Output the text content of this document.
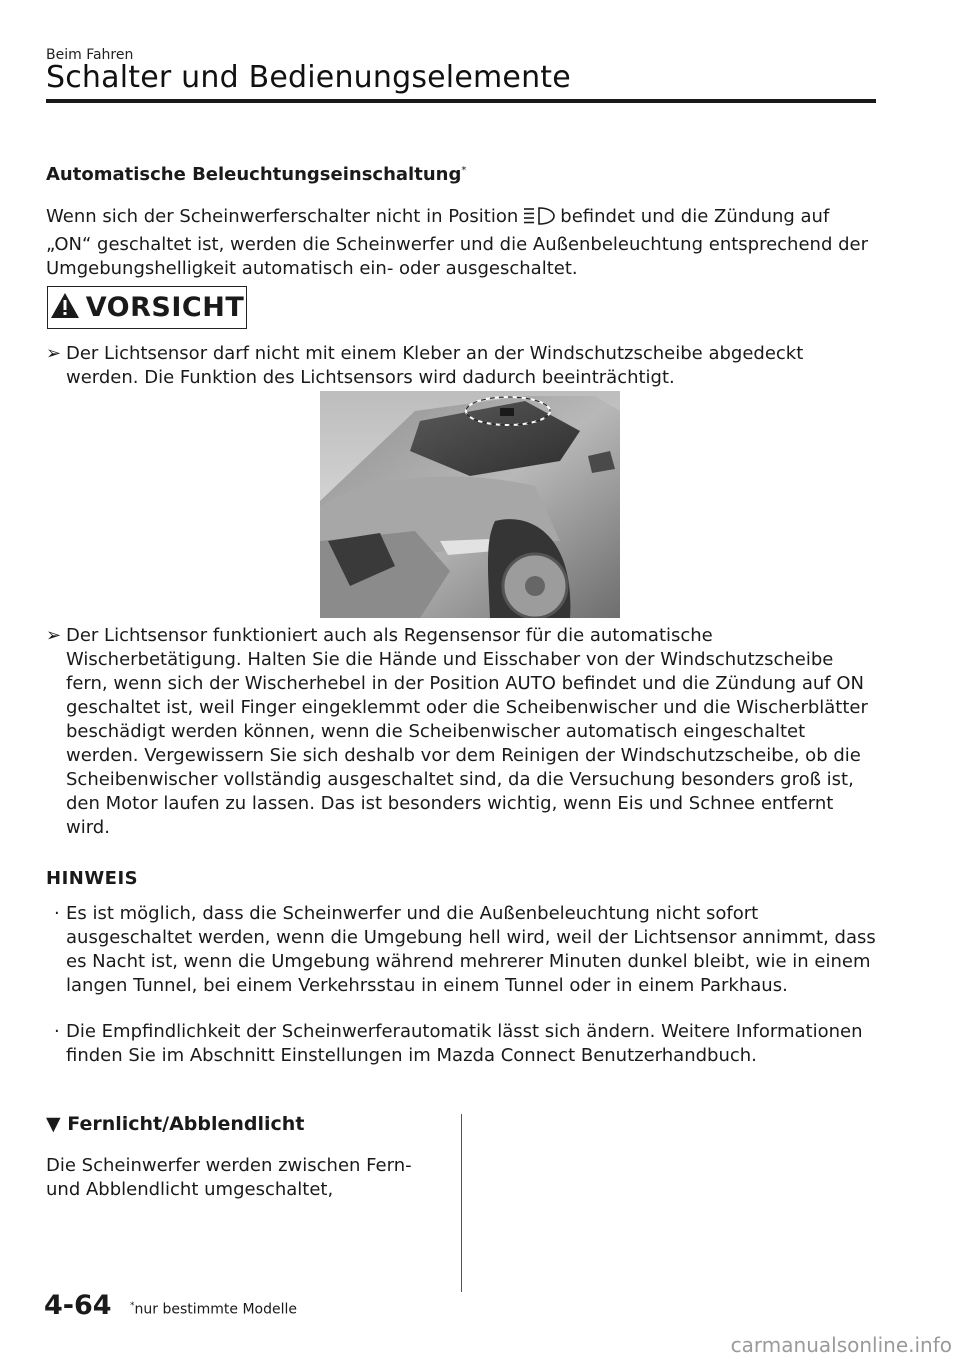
Beim Fahren
Schalter und Bedienungselemente
Automatische Beleuchtungseinschaltung*
Wenn sich der Scheinwerferschalter nicht in Position befindet und die Zündung auf „ON“ geschaltet ist, werden die Scheinwerfer und die Außenbeleuchtung entsprechend der Umgebungshelligkeit automatisch ein- oder ausgeschaltet.
VORSICHT
➢ Der Lichtsensor darf nicht mit einem Kleber an der Windschutzscheibe abgedeckt werden. Die Funktion des Lichtsensors wird dadurch beeinträchtigt.
➢ Der Lichtsensor funktioniert auch als Regensensor für die automatische Wischerbetätigung. Halten Sie die Hände und Eisschaber von der Windschutzscheibe fern, wenn sich der Wischerhebel in der Position AUTO befindet und die Zündung auf ON geschaltet ist, weil Finger eingeklemmt oder die Scheibenwischer und die Wischerblätter beschädigt werden können, wenn die Scheibenwischer automatisch eingeschaltet werden. Vergewissern Sie sich deshalb vor dem Reinigen der Windschutzscheibe, ob die Scheibenwischer vollständig ausgeschaltet sind, da die Versuchung besonders groß ist, den Motor laufen zu lassen. Das ist besonders wichtig, wenn Eis und Schnee entfernt wird.
HINWEIS
· Es ist möglich, dass die Scheinwerfer und die Außenbeleuchtung nicht sofort ausgeschaltet werden, wenn die Umgebung hell wird, weil der Lichtsensor annimmt, dass es Nacht ist, wenn die Umgebung während mehrerer Minuten dunkel bleibt, wie in einem langen Tunnel, bei einem Verkehrsstau in einem Tunnel oder in einem Parkhaus.
· Die Empfindlichkeit der Scheinwerferautomatik lässt sich ändern. Weitere Informationen finden Sie im Abschnitt Einstellungen im Mazda Connect Benutzerhandbuch.
▼ Fernlicht/Abblendlicht
Die Scheinwerfer werden zwischen Fern- und Abblendlicht umgeschaltet,
4-64 *nur bestimmte Modelle
carmanualsonline.info
